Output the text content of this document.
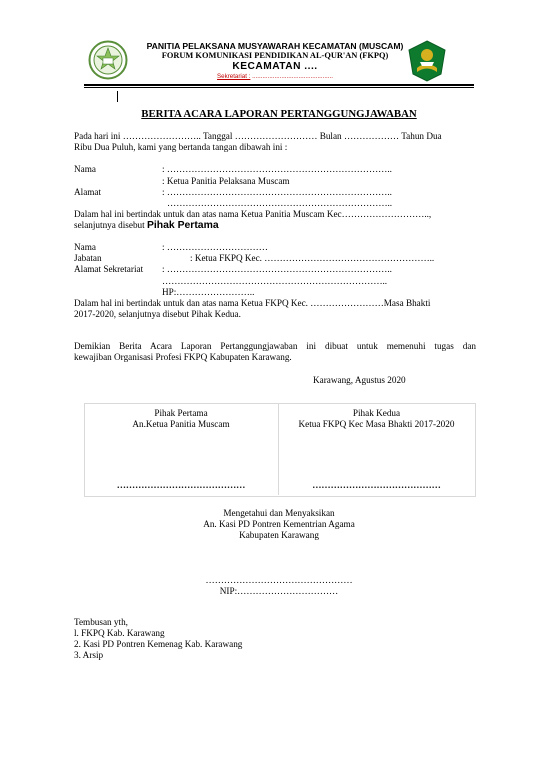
PANITIA PELAKSANA MUSYAWARAH KECAMATAN (MUSCAM)
FORUM KOMUNIKASI PENDIDIKAN AL-QUR'AN (FKPQ)
KECAMATAN ....
Sekretariat : ...............................................
BERITA ACARA LAPORAN PERTANGGUNGJAWABAN
Pada hari ini …………………….. Tanggal ……………………… Bulan ……………… Tahun Dua
Ribu Dua Puluh, kami yang bertanda tangan dibawah ini :
Nama	: ………………………………………………………………..
: Ketua Panitia Pelaksana Muscam
Alamat	: ………………………………………………………………..
………………………………………………………………..
Dalam hal ini bertindak untuk dan atas nama Ketua Panitia Muscam Kec………………………..,
selanjutnya disebut Pihak Pertama
Nama	: ……………………………
Jabatan	: Ketua FKPQ Kec. ………………………………………………..
Alamat Sekretariat : ………………………………………………………………..
………………………………………………………………..
HP:……………………..
Dalam hal ini bertindak untuk dan atas nama Ketua FKPQ Kec. ……………………Masa Bhakti
2017-2020, selanjutnya disebut Pihak Kedua.
Demikian Berita Acara Laporan Pertanggungjawaban ini dibuat untuk memenuhi tugas dan
kewajiban Organisasi Profesi FKPQ Kabupaten Karawang.
Karawang, Agustus 2020
Pihak Pertama
An.Ketua Panitia Muscam
……………………………………
Pihak Kedua
Ketua FKPQ Kec Masa Bhakti 2017-2020
……………………………………
Mengetahui dan Menyaksikan
An. Kasi PD Pontren Kementrian Agama
Kabupaten Karawang
…………………………………………
NIP:……………………………
Tembusan yth,
l. FKPQ Kab. Karawang
2. Kasi PD Pontren Kemenag Kab. Karawang
3. Arsip
